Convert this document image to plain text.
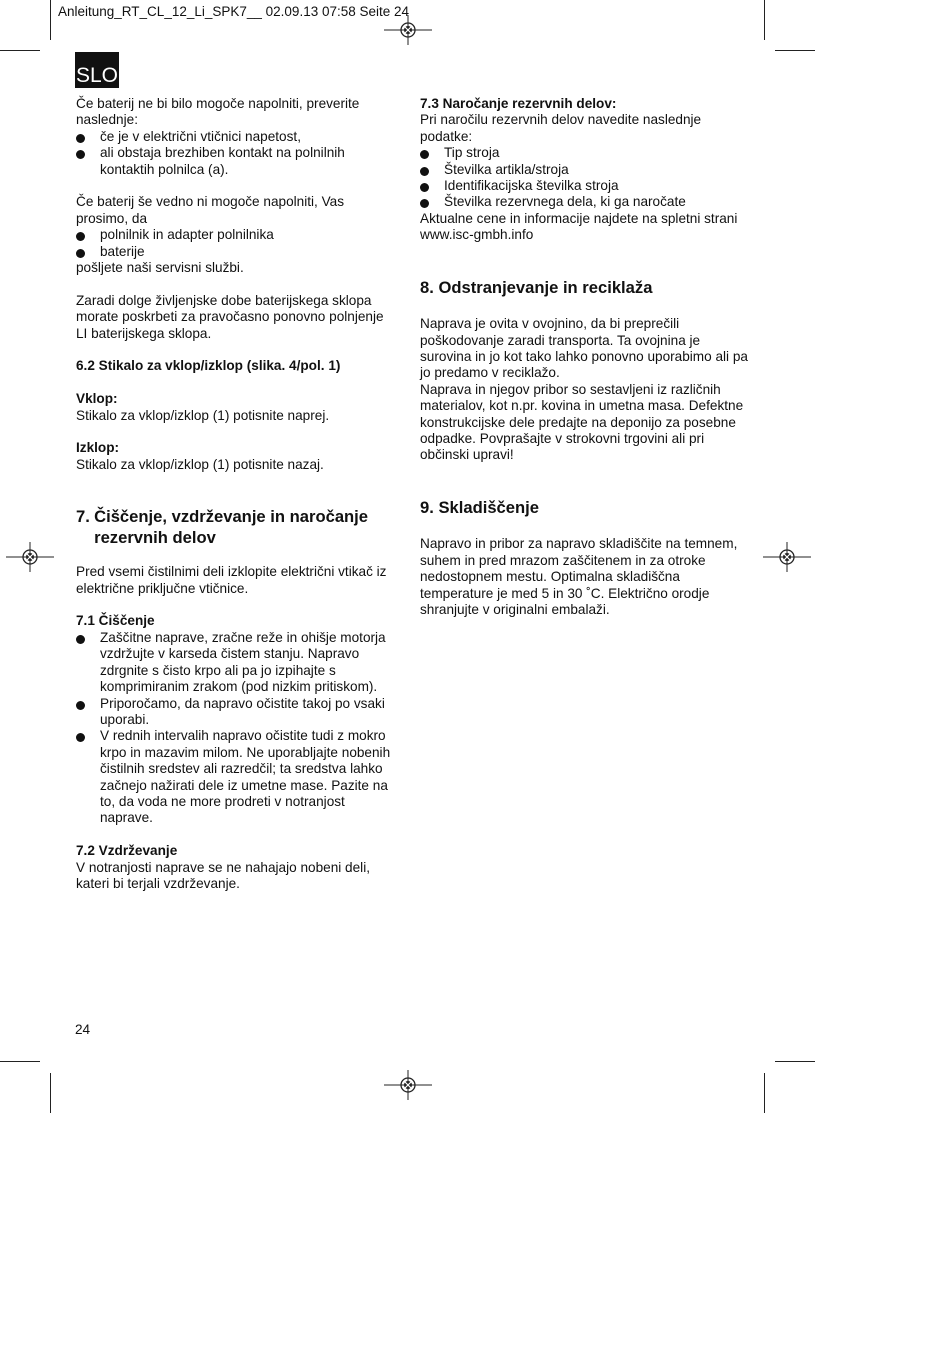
Anleitung_RT_CL_12_Li_SPK7__ 02.09.13 07:58 Seite 24
SLO

Če baterij ne bi bilo mogoče napolniti, preverite naslednje:

če je v električni vtičnici napetost,
ali obstaja brezhiben kontakt na polnilnih kontaktih polnilca (a).

Če baterij še vedno ni mogoče napolniti, Vas prosimo, da

polnilnik in adapter polnilnika
baterije

pošljete naši servisni službi.

Zaradi dolge življenjske dobe baterijskega sklopa morate poskrbeti za pravočasno ponovno polnjenje LI baterijskega sklopa.

6.2 Stikalo za vklop/izklop (slika. 4/pol. 1)

Vklop:

Stikalo za vklop/izklop (1) potisnite naprej.

Izklop:

Stikalo za vklop/izklop (1) potisnite nazaj.

7. Čiščenje, vzdrževanje in naročanje rezervnih delov

Pred vsemi čistilnimi deli izklopite električni vtikač iz električne priključne vtičnice.

7.1 Čiščenje

Zaščitne naprave, zračne reže in ohišje motorja vzdržujte v karseda čistem stanju. Napravo zdrgnite s čisto krpo ali pa jo izpihajte s komprimiranim zrakom (pod nizkim pritiskom).
Priporočamo, da napravo očistite takoj po vsaki uporabi.
V rednih intervalih napravo očistite tudi z mokro krpo in mazavim milom. Ne uporabljajte nobenih čistilnih sredstev ali razredčil; ta sredstva lahko začnejo nažirati dele iz umetne mase. Pazite na to, da voda ne more prodreti v notranjost naprave.

7.2 Vzdrževanje

V notranjosti naprave se ne nahajajo nobeni deli, kateri bi terjali vzdrževanje.

7.3 Naročanje rezervnih delov:

Pri naročilu rezervnih delov navedite naslednje podatke:

Tip stroja
Številka artikla/stroja
Identifikacijska številka stroja
Številka rezervnega dela, ki ga naročate

Aktualne cene in informacije najdete na spletni strani www.isc-gmbh.info

8. Odstranjevanje in reciklaža

Naprava je ovita v ovojnino, da bi preprečili poškodovanje zaradi transporta. Ta ovojnina je surovina in jo kot tako lahko ponovno uporabimo ali pa jo predamo v reciklažo.

Naprava in njegov pribor so sestavljeni iz različnih materialov, kot n.pr. kovina in umetna masa. Defektne konstrukcijske dele predajte na deponijo za posebne odpadke. Povprašajte v strokovni trgovini ali pri občinski upravi!

9. Skladiščenje

Napravo in pribor za napravo skladiščite na temnem, suhem in pred mrazom zaščitenem in za otroke nedostopnem mestu. Optimalna skladiščna temperature je med 5 in 30 ˚C. Električno orodje shranjujte v originalni embalaži.

24
